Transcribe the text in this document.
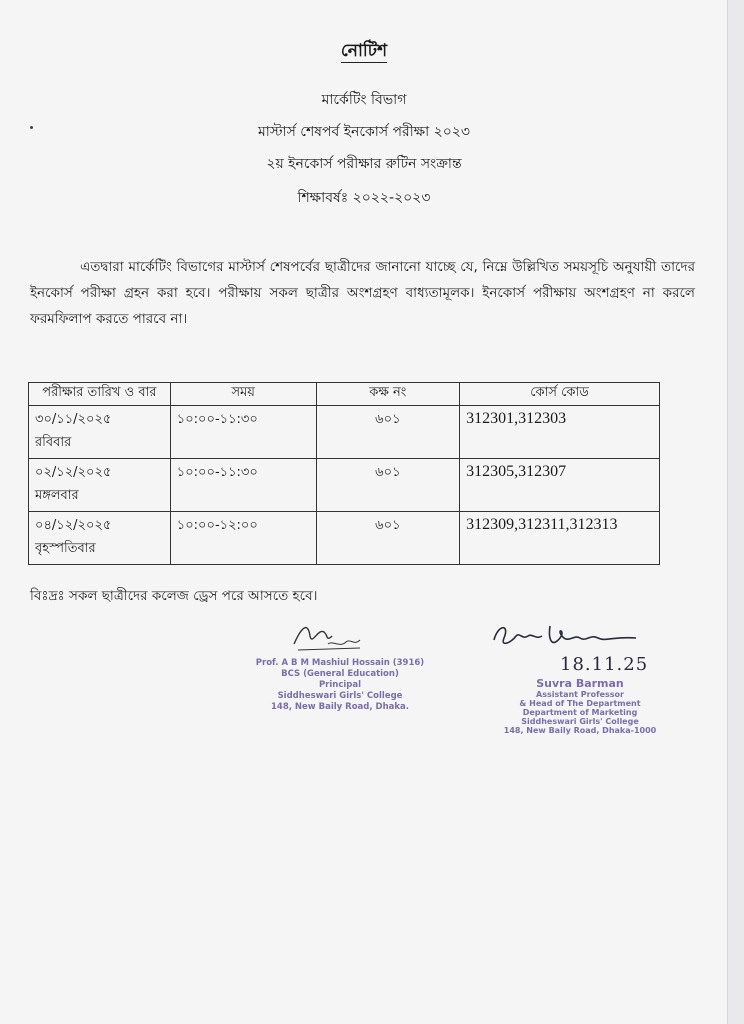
নোটিশ
মার্কেটিং বিভাগ
মাস্টার্স শেষপর্ব ইনকোর্স পরীক্ষা ২০২৩
২য় ইনকোর্স পরীক্ষার রুটিন সংক্রান্ত
শিক্ষাবর্ষঃ ২০২২-২০২৩
এতদ্বারা মার্কেটিং বিভাগের মাস্টার্স শেষপর্বের ছাত্রীদের জানানো যাচ্ছে যে, নিম্নে উল্লিখিত সময়সূচি অনুযায়ী তাদের ইনকোর্স পরীক্ষা গ্রহন করা হবে। পরীক্ষায় সকল ছাত্রীর অংশগ্রহণ বাধ্যতামূলক। ইনকোর্স পরীক্ষায় অংশগ্রহণ না করলে ফরমফিলাপ করতে পারবে না।
পরীক্ষার তারিখ ও বার	সময়	কক্ষ নং	কোর্স কোড

৩০/১১/২০২৫
রবিবার	১০:০০-১১:৩০	৬০১	312301,312303

০২/১২/২০২৫
মঙ্গলবার	১০:০০-১১:৩০	৬০১	312305,312307

০৪/১২/২০২৫
বৃহস্পতিবার	১০:০০-১২:০০	৬০১	312309,312311,312313
বিঃদ্রঃ সকল ছাত্রীদের কলেজ ড্রেস পরে আসতে হবে।
Prof. A B M Mashiul Hossain (3916)
BCS (General Education)
Principal
Siddheswari Girls' College
148, New Baily Road, Dhaka.
18.11.25
Suvra Barman
Assistant Professor
& Head of The Department
Department of Marketing
Siddheswari Girls' College
148, New Baily Road, Dhaka-1000
